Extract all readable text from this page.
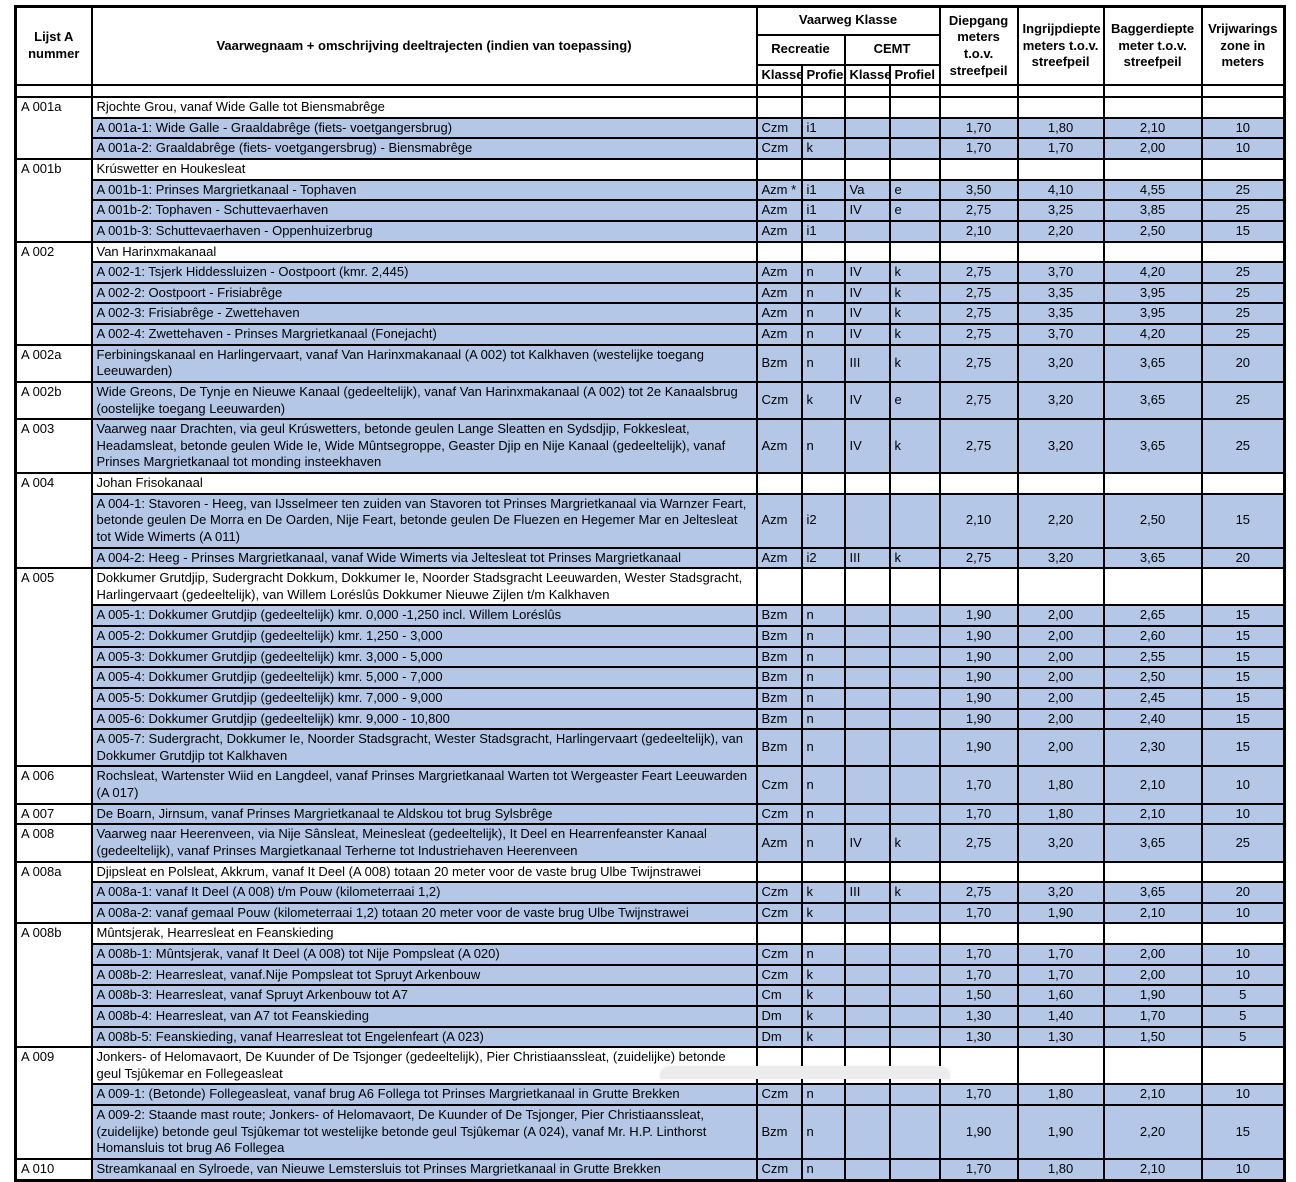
Lijst A nummer	Vaarwegnaam + omschrijving deeltrajecten (indien van toepassing)	Vaarweg Klasse				Diepgang meters t.o.v. streefpeil	Ingrijpdiepte meters t.o.v. streefpeil	Baggerdiepte meter t.o.v. streefpeil	Vrijwarings zone in meters
		Recreatie		CEMT					
		Klasse	Profiel	Klasse	Profiel				

A 001a	Rjochte Grou, vanaf Wide Galle tot Biensmabrêge								
	A 001a-1: Wide Galle - Graaldabrêge (fiets- voetgangersbrug)	Czm	i1			1,70	1,80	2,10	10
	A 001a-2: Graaldabrêge (fiets- voetgangersbrug) - Biensmabrêge	Czm	k			1,70	1,70	2,00	10
A 001b	Krúswetter en Houkesleat								
	A 001b-1: Prinses Margrietkanaal - Tophaven	Azm *	i1	Va	e	3,50	4,10	4,55	25
	A 001b-2: Tophaven - Schuttevaerhaven	Azm	i1	IV	e	2,75	3,25	3,85	25
	A 001b-3: Schuttevaerhaven - Oppenhuizerbrug	Azm	i1			2,10	2,20	2,50	15
A 002	Van Harinxmakanaal								
	A 002-1: Tsjerk Hiddessluizen - Oostpoort (kmr. 2,445)	Azm	n	IV	k	2,75	3,70	4,20	25
	A 002-2: Oostpoort - Frisiabrêge	Azm	n	IV	k	2,75	3,35	3,95	25
	A 002-3: Frisiabrêge - Zwettehaven	Azm	n	IV	k	2,75	3,35	3,95	25
	A 002-4: Zwettehaven - Prinses Margrietkanaal (Fonejacht)	Azm	n	IV	k	2,75	3,70	4,20	25
A 002a	Ferbiningskanaal en Harlingervaart, vanaf Van Harinxmakanaal (A 002) tot Kalkhaven (westelijke toegang Leeuwarden)	Bzm	n	III	k	2,75	3,20	3,65	20
A 002b	Wide Greons, De Tynje en Nieuwe Kanaal (gedeeltelijk), vanaf Van Harinxmakanaal (A 002) tot 2e Kanaalsbrug (oostelijke toegang Leeuwarden)	Czm	k	IV	e	2,75	3,20	3,65	25
A 003	Vaarweg naar Drachten, via geul Krúswetters, betonde geulen Lange Sleatten en Sydsdjip, Fokkesleat, Headamsleat, betonde geulen Wide Ie, Wide Mûntsegroppe, Geaster Djip en Nije Kanaal (gedeeltelijk), vanaf Prinses Margrietkanaal tot monding insteekhaven	Azm	n	IV	k	2,75	3,20	3,65	25
A 004	Johan Frisokanaal								
	A 004-1: Stavoren - Heeg, van IJsselmeer ten zuiden van Stavoren tot Prinses Margrietkanaal via Warnzer Feart, betonde geulen De Morra en De Oarden, Nije Feart, betonde geulen De Fluezen en Hegemer Mar en Jeltesleat tot Wide Wimerts (A 011)	Azm	i2			2,10	2,20	2,50	15
	A 004-2: Heeg - Prinses Margrietkanaal, vanaf Wide Wimerts via Jeltesleat tot Prinses Margrietkanaal	Azm	i2	III	k	2,75	3,20	3,65	20
A 005	Dokkumer Grutdjip, Sudergracht Dokkum, Dokkumer Ie, Noorder Stadsgracht Leeuwarden, Wester Stadsgracht, Harlingervaart (gedeeltelijk), van Willem Loréslûs Dokkumer Nieuwe Zijlen t/m Kalkhaven								
	A 005-1: Dokkumer Grutdjip (gedeeltelijk) kmr. 0,000 -1,250 incl. Willem Loréslûs	Bzm	n			1,90	2,00	2,65	15
	A 005-2: Dokkumer Grutdjip (gedeeltelijk) kmr. 1,250 - 3,000	Bzm	n			1,90	2,00	2,60	15
	A 005-3: Dokkumer Grutdjip (gedeeltelijk) kmr. 3,000 - 5,000	Bzm	n			1,90	2,00	2,55	15
	A 005-4: Dokkumer Grutdjip (gedeeltelijk) kmr. 5,000 - 7,000	Bzm	n			1,90	2,00	2,50	15
	A 005-5: Dokkumer Grutdjip (gedeeltelijk) kmr. 7,000 - 9,000	Bzm	n			1,90	2,00	2,45	15
	A 005-6: Dokkumer Grutdjip (gedeeltelijk) kmr. 9,000 - 10,800	Bzm	n			1,90	2,00	2,40	15
	A 005-7: Sudergracht, Dokkumer Ie, Noorder Stadsgracht, Wester Stadsgracht, Harlingervaart (gedeeltelijk), van Dokkumer Grutdjip tot Kalkhaven	Bzm	n			1,90	2,00	2,30	15
A 006	Rochsleat, Wartenster Wiid en Langdeel, vanaf Prinses Margrietkanaal Warten tot Wergeaster Feart Leeuwarden (A 017)	Czm	n			1,70	1,80	2,10	10
A 007	De Boarn, Jirnsum, vanaf Prinses Margrietkanaal te Aldskou tot brug Sylsbrêge	Czm	n			1,70	1,80	2,10	10
A 008	Vaarweg naar Heerenveen, via Nije Sânsleat, Meinesleat (gedeeltelijk), It Deel en Hearrenfeanster Kanaal (gedeeltelijk), vanaf Prinses Margietkanaal Terherne tot Industriehaven Heerenveen	Azm	n	IV	k	2,75	3,20	3,65	25
A 008a	Djipsleat en Polsleat, Akkrum, vanaf It Deel (A 008) totaan 20 meter voor de vaste brug Ulbe Twijnstrawei								
	A 008a-1: vanaf It Deel (A 008) t/m Pouw (kilometerraai 1,2)	Czm	k	III	k	2,75	3,20	3,65	20
	A 008a-2: vanaf gemaal Pouw (kilometerraai 1,2) totaan 20 meter voor de vaste brug Ulbe Twijnstrawei	Czm	k			1,70	1,90	2,10	10
A 008b	Mûntsjerak, Hearresleat en Feanskieding								
	A 008b-1: Mûntsjerak, vanaf It Deel (A 008) tot Nije Pompsleat (A 020)	Czm	n			1,70	1,70	2,00	10
	A 008b-2: Hearresleat, vanaf.Nije Pompsleat tot Spruyt Arkenbouw	Czm	k			1,70	1,70	2,00	10
	A 008b-3: Hearresleat, vanaf Spruyt Arkenbouw tot A7	Cm	k			1,50	1,60	1,90	5
	A 008b-4: Hearresleat, van A7 tot Feanskieding	Dm	k			1,30	1,40	1,70	5
	A 008b-5: Feanskieding, vanaf Hearresleat tot Engelenfeart (A 023)	Dm	k			1,30	1,30	1,50	5
A 009	Jonkers- of Helomavaort, De Kuunder of De Tsjonger (gedeeltelijk), Pier Christiaanssleat, (zuidelijke) betonde geul Tsjûkemar en Follegeasleat								
	A 009-1: (Betonde) Follegeasleat, vanaf brug A6 Follega tot Prinses Margrietkanaal in Grutte Brekken	Czm	n			1,70	1,80	2,10	10
	A 009-2: Staande mast route; Jonkers- of Helomavaort, De Kuunder of De Tsjonger, Pier Christiaanssleat, (zuidelijke) betonde geul Tsjûkemar tot westelijke betonde geul Tsjûkemar (A 024), vanaf Mr. H.P. Linthorst Homansluis tot brug A6 Follegea	Bzm	n			1,90	1,90	2,20	15
A 010	Streamkanaal en Sylroede, van Nieuwe Lemstersluis tot Prinses Margrietkanaal in Grutte Brekken	Czm	n			1,70	1,80	2,10	10
